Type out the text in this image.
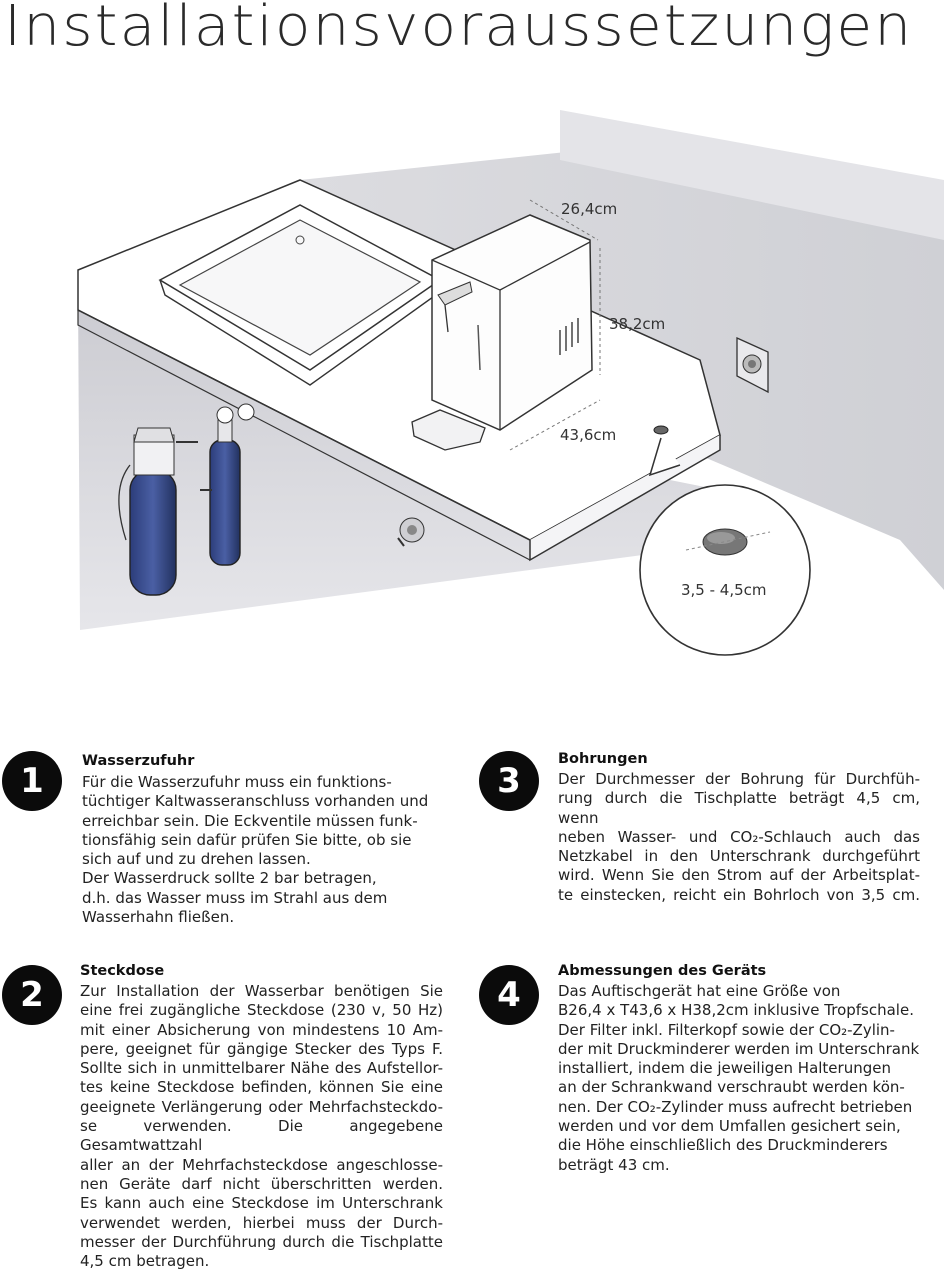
Installationsvoraussetzungen
26,4cm
38,2cm
43,6cm
3,5 - 4,5cm
1	Wasserzufuhr
Für die Wasserzufuhr muss ein funktions-
tüchtiger Kaltwasseranschluss vorhanden und
erreichbar sein. Die Eckventile müssen funk-
tionsfähig sein dafür prüfen Sie bitte, ob sie
sich auf und zu drehen lassen.
Der Wasserdruck sollte 2 bar betragen,
d.h. das Wasser muss im Strahl aus dem
Wasserhahn fließen.
2
Steckdose
Zur Installation der Wasserbar benötigen Sie
eine frei zugängliche Steckdose (230 v, 50 Hz)
mit einer Absicherung von mindestens 10 Am-
pere, geeignet für gängige Stecker des Typs F.
Sollte sich in unmittelbarer Nähe des Aufstellor-
tes keine Steckdose befinden, können Sie eine
geeignete Verlängerung oder Mehrfachsteckdo-
se verwenden. Die angegebene Gesamtwattzahl
aller an der Mehrfachsteckdose angeschlosse-
nen Geräte darf nicht überschritten werden.
Es kann auch eine Steckdose im Unterschrank
verwendet werden, hierbei muss der Durch-
messer der Durchführung durch die Tischplatte
4,5 cm betragen.
3
Bohrungen
Der Durchmesser der Bohrung für Durchfüh-
rung durch die Tischplatte beträgt 4,5 cm, wenn
neben Wasser- und CO₂-Schlauch auch das
Netzkabel in den Unterschrank durchgeführt
wird. Wenn Sie den Strom auf der Arbeitsplat-
te einstecken, reicht ein Bohrloch von 3,5 cm.
4
Abmessungen des Geräts
Das Auftischgerät hat eine Größe von
B26,4 x T43,6 x H38,2cm inklusive Tropfschale.
Der Filter inkl. Filterkopf sowie der CO₂-Zylin-
der mit Druckminderer werden im Unterschrank
installiert, indem die jeweiligen Halterungen
an der Schrankwand verschraubt werden kön-
nen. Der CO₂-Zylinder muss aufrecht betrieben
werden und vor dem Umfallen gesichert sein,
die Höhe einschließlich des Druckminderers
beträgt 43 cm.
